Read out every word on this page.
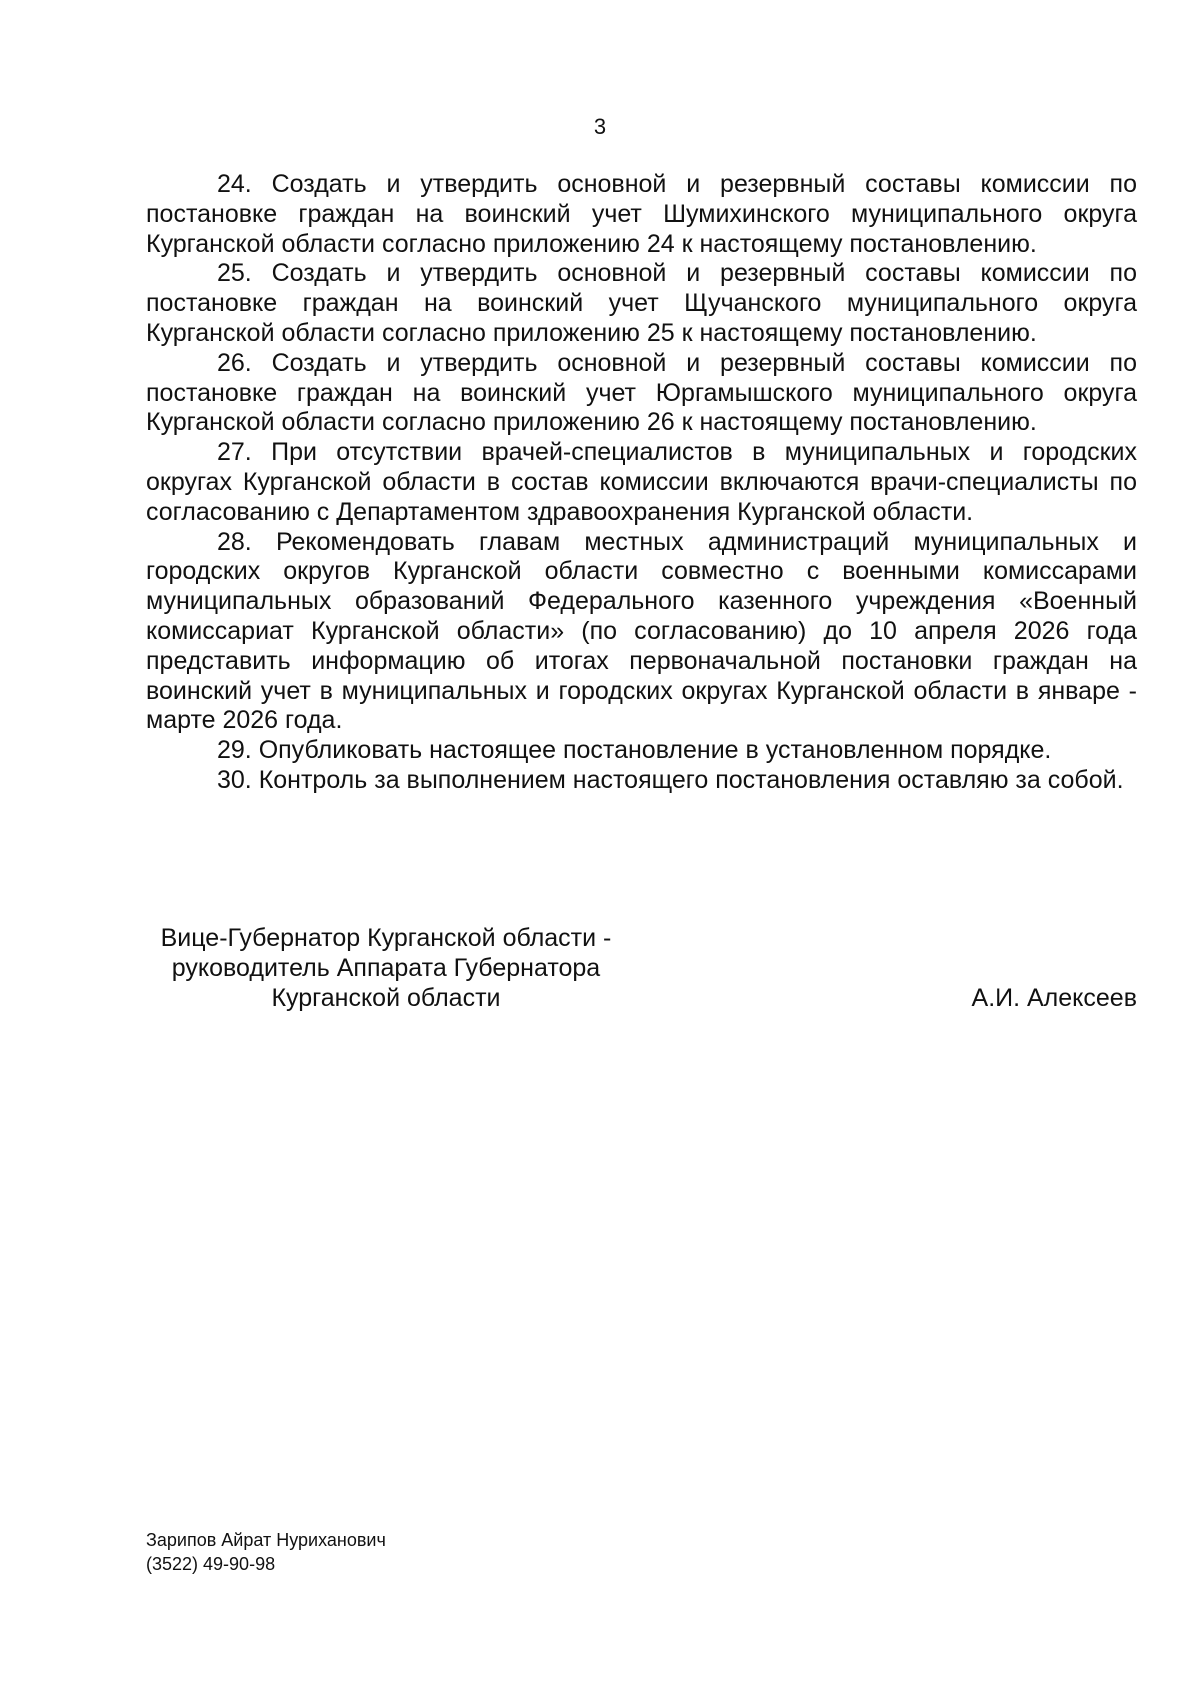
3

24. Создать и утвердить основной и резервный составы комиссии по постановке граждан на воинский учет Шумихинского муниципального округа Курганской области согласно приложению 24 к настоящему постановлению.

25. Создать и утвердить основной и резервный составы комиссии по постановке граждан на воинский учет Щучанского муниципального округа Курганской области согласно приложению 25 к настоящему постановлению.

26. Создать и утвердить основной и резервный составы комиссии по постановке граждан на воинский учет Юргамышского муниципального округа Курганской области согласно приложению 26 к настоящему постановлению.

27. При отсутствии врачей-специалистов в муниципальных и городских округах Курганской области в состав комиссии включаются врачи-специалисты по согласованию с Департаментом здравоохранения Курганской области.

28. Рекомендовать главам местных администраций муниципальных и городских округов Курганской области совместно с военными комиссарами муниципальных образований Федерального казенного учреждения «Военный комиссариат Курганской области» (по согласованию) до 10 апреля 2026 года представить информацию об итогах первоначальной постановки граждан на воинский учет в муниципальных и городских округах Курганской области в январе - марте 2026 года.

29. Опубликовать настоящее постановление в установленном порядке.

30. Контроль за выполнением настоящего постановления оставляю за собой.

Вице-Губернатор Курганской области -
руководитель Аппарата Губернатора
Курганской области	А.И. Алексеев
Зарипов Айрат Нуриханович
(3522) 49-90-98
